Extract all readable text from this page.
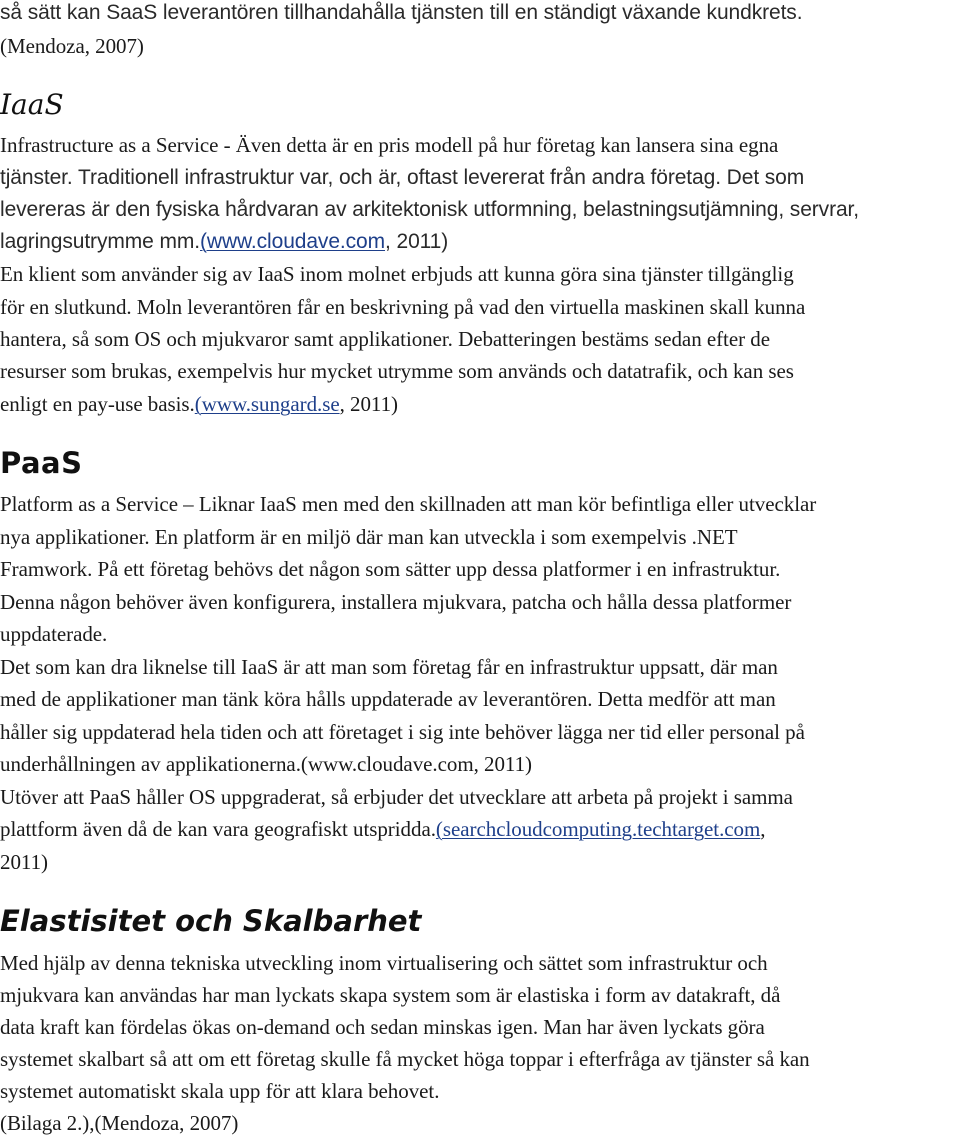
så sätt kan SaaS leverantören tillhandahålla tjänsten till en ständigt växande kundkrets.
(Mendoza, 2007)
IaaS
Infrastructure as a Service - Även detta är en pris modell på hur företag kan lansera sina egna
tjänster. Traditionell infrastruktur var, och är, oftast levererat från andra företag. Det som
levereras är den fysiska hårdvaran av arkitektonisk utformning, belastningsutjämning, servrar,
lagringsutrymme mm.(www.cloudave.com, 2011)
En klient som använder sig av IaaS inom molnet erbjuds att kunna göra sina tjänster tillgänglig
för en slutkund. Moln leverantören får en beskrivning på vad den virtuella maskinen skall kunna
hantera, så som OS och mjukvaror samt applikationer. Debatteringen bestäms sedan efter de
resurser som brukas, exempelvis hur mycket utrymme som används och datatrafik, och kan ses
enligt en pay-use basis.(www.sungard.se, 2011)
PaaS
Platform as a Service – Liknar IaaS men med den skillnaden att man kör befintliga eller utvecklar
nya applikationer. En platform är en miljö där man kan utveckla i som exempelvis .NET
Framwork. På ett företag behövs det någon som sätter upp dessa platformer i en infrastruktur.
Denna någon behöver även konfigurera, installera mjukvara, patcha och hålla dessa platformer
uppdaterade.
Det som kan dra liknelse till IaaS är att man som företag får en infrastruktur uppsatt, där man
med de applikationer man tänk köra hålls uppdaterade av leverantören. Detta medför att man
håller sig uppdaterad hela tiden och att företaget i sig inte behöver lägga ner tid eller personal på
underhållningen av applikationerna.(www.cloudave.com, 2011)
Utöver att PaaS håller OS uppgraderat, så erbjuder det utvecklare att arbeta på projekt i samma
plattform även då de kan vara geografiskt utspridda.(searchcloudcomputing.techtarget.com,
2011)
Elastisitet och Skalbarhet
Med hjälp av denna tekniska utveckling inom virtualisering och sättet som infrastruktur och
mjukvara kan användas har man lyckats skapa system som är elastiska i form av datakraft, då
data kraft kan fördelas ökas on-demand och sedan minskas igen. Man har även lyckats göra
systemet skalbart så att om ett företag skulle få mycket höga toppar i efterfråga av tjänster så kan
systemet automatiskt skala upp för att klara behovet.
(Bilaga 2.),(Mendoza, 2007)
